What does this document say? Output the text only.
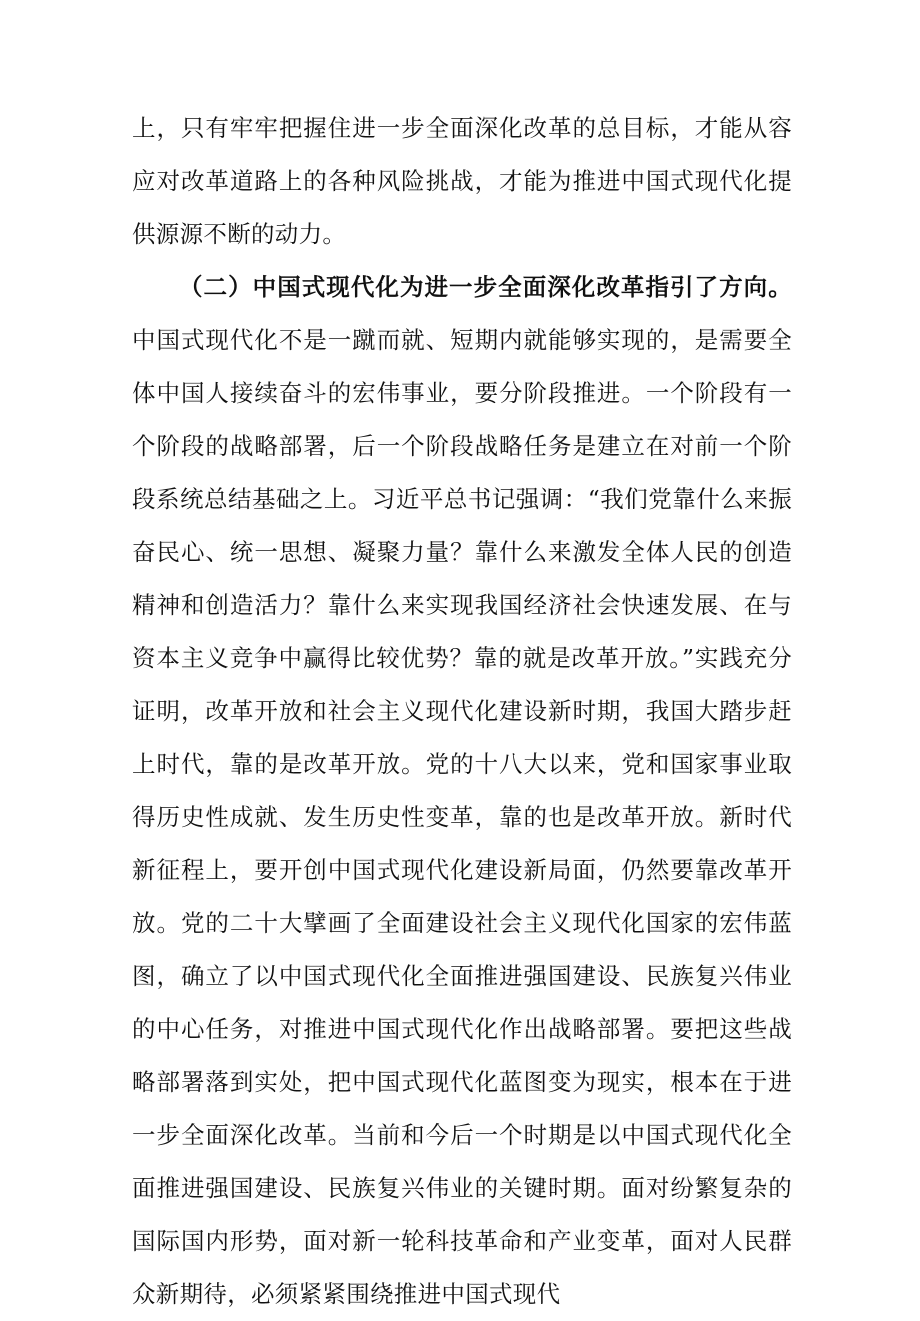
上，只有牢牢把握住进一步全面深化改革的总目标，才能从容应对改革道路上的各种风险挑战，才能为推进中国式现代化提供源源不断的动力。

（二）中国式现代化为进一步全面深化改革指引了方向。中国式现代化不是一蹴而就、短期内就能够实现的，是需要全体中国人接续奋斗的宏伟事业，要分阶段推进。一个阶段有一个阶段的战略部署，后一个阶段战略任务是建立在对前一个阶段系统总结基础之上。习近平总书记强调：“我们党靠什么来振奋民心、统一思想、凝聚力量？靠什么来激发全体人民的创造精神和创造活力？靠什么来实现我国经济社会快速发展、在与资本主义竞争中赢得比较优势？靠的就是改革开放。”实践充分证明，改革开放和社会主义现代化建设新时期，我国大踏步赶上时代，靠的是改革开放。党的十八大以来，党和国家事业取得历史性成就、发生历史性变革，靠的也是改革开放。新时代新征程上，要开创中国式现代化建设新局面，仍然要靠改革开放。党的二十大擘画了全面建设社会主义现代化国家的宏伟蓝图，确立了以中国式现代化全面推进强国建设、民族复兴伟业的中心任务，对推进中国式现代化作出战略部署。要把这些战略部署落到实处，把中国式现代化蓝图变为现实，根本在于进一步全面深化改革。当前和今后一个时期是以中国式现代化全面推进强国建设、民族复兴伟业的关键时期。面对纷繁复杂的国际国内形势，面对新一轮科技革命和产业变革，面对人民群众新期待，必须紧紧围绕推进中国式现代
